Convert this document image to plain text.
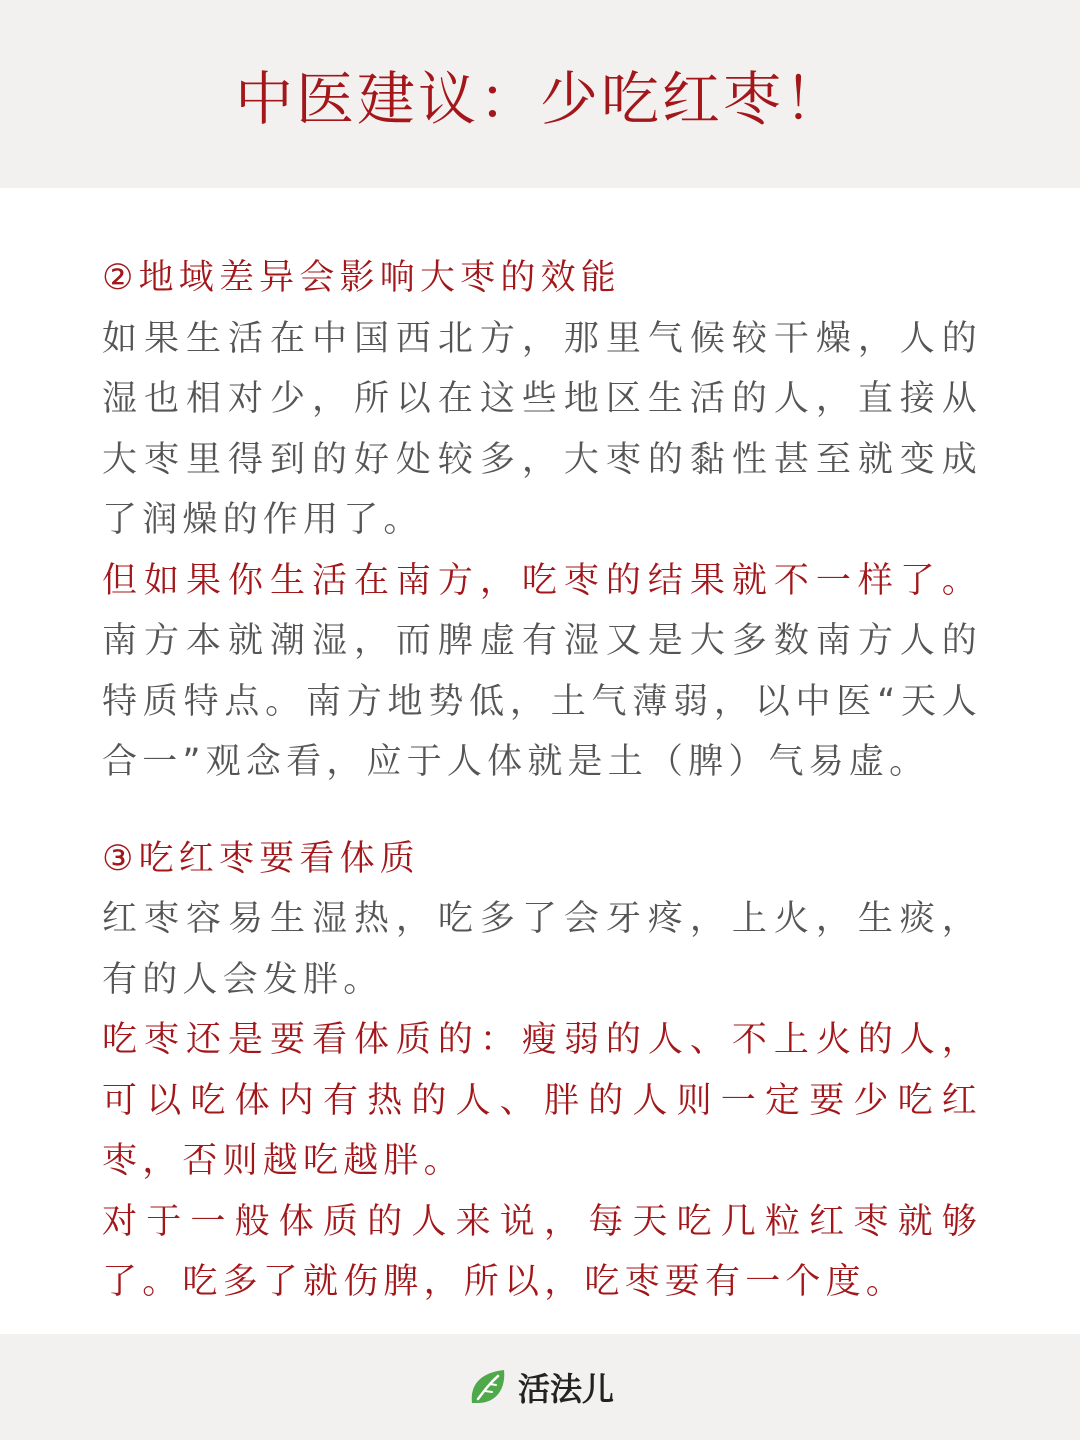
中医建议：少吃红枣！
②地域差异会影响大枣的效能
如果生活在中国西北方，那里气候较干燥，人的湿也相对少，所以在这些地区生活的人，直接从大枣里得到的好处较多，大枣的黏性甚至就变成了润燥的作用了。
但如果你生活在南方，吃枣的结果就不一样了。南方本就潮湿，而脾虚有湿又是大多数南方人的特质特点。南方地势低，土气薄弱，以中医“天人合一”观念看，应于人体就是土（脾）气易虚。
③吃红枣要看体质
红枣容易生湿热，吃多了会牙疼，上火，生痰，有的人会发胖。
吃枣还是要看体质的：瘦弱的人、不上火的人，可以吃体内有热的人、胖的人则一定要少吃红枣，否则越吃越胖。
对于一般体质的人来说，每天吃几粒红枣就够了。吃多了就伤脾，所以，吃枣要有一个度。
活法儿
